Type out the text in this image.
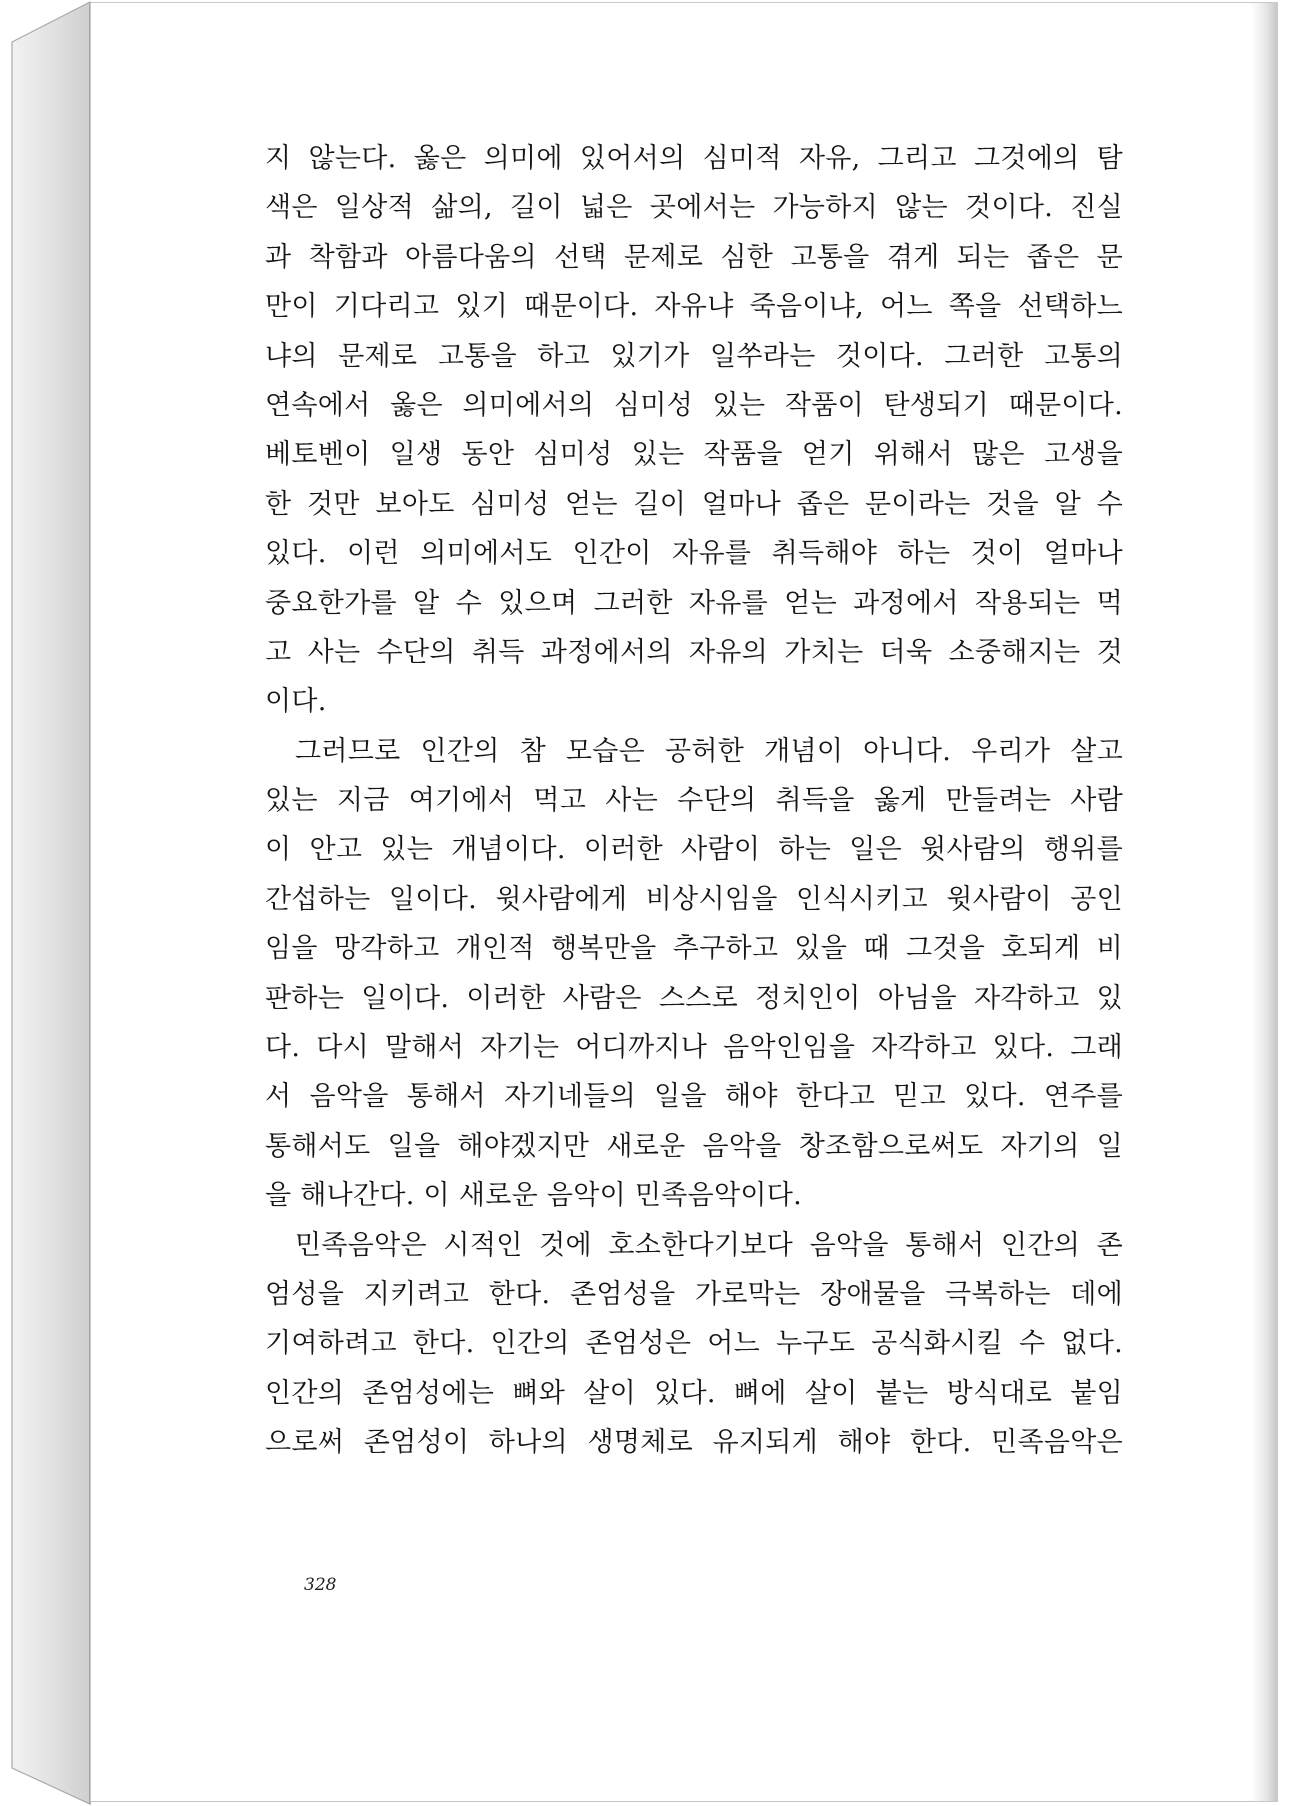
지 않는다. 옳은 의미에 있어서의 심미적 자유, 그리고 그것에의 탐
색은 일상적 삶의, 길이 넓은 곳에서는 가능하지 않는 것이다. 진실
과 착함과 아름다움의 선택 문제로 심한 고통을 겪게 되는 좁은 문
만이 기다리고 있기 때문이다. 자유냐 죽음이냐, 어느 쪽을 선택하느
냐의 문제로 고통을 하고 있기가 일쑤라는 것이다. 그러한 고통의
연속에서 옳은 의미에서의 심미성 있는 작품이 탄생되기 때문이다.
베토벤이 일생 동안 심미성 있는 작품을 얻기 위해서 많은 고생을
한 것만 보아도 심미성 얻는 길이 얼마나 좁은 문이라는 것을 알 수
있다. 이런 의미에서도 인간이 자유를 취득해야 하는 것이 얼마나
중요한가를 알 수 있으며 그러한 자유를 얻는 과정에서 작용되는 먹
고 사는 수단의 취득 과정에서의 자유의 가치는 더욱 소중해지는 것
이다.
그러므로 인간의 참 모습은 공허한 개념이 아니다. 우리가 살고
있는 지금 여기에서 먹고 사는 수단의 취득을 옳게 만들려는 사람
이 안고 있는 개념이다. 이러한 사람이 하는 일은 윗사람의 행위를
간섭하는 일이다. 윗사람에게 비상시임을 인식시키고 윗사람이 공인
임을 망각하고 개인적 행복만을 추구하고 있을 때 그것을 호되게 비
판하는 일이다. 이러한 사람은 스스로 정치인이 아님을 자각하고 있
다. 다시 말해서 자기는 어디까지나 음악인임을 자각하고 있다. 그래
서 음악을 통해서 자기네들의 일을 해야 한다고 믿고 있다. 연주를
통해서도 일을 해야겠지만 새로운 음악을 창조함으로써도 자기의 일
을 해나간다. 이 새로운 음악이 민족음악이다.
민족음악은 시적인 것에 호소한다기보다 음악을 통해서 인간의 존
엄성을 지키려고 한다. 존엄성을 가로막는 장애물을 극복하는 데에
기여하려고 한다. 인간의 존엄성은 어느 누구도 공식화시킬 수 없다.
인간의 존엄성에는 뼈와 살이 있다. 뼈에 살이 붙는 방식대로 붙임
으로써 존엄성이 하나의 생명체로 유지되게 해야 한다. 민족음악은
328
